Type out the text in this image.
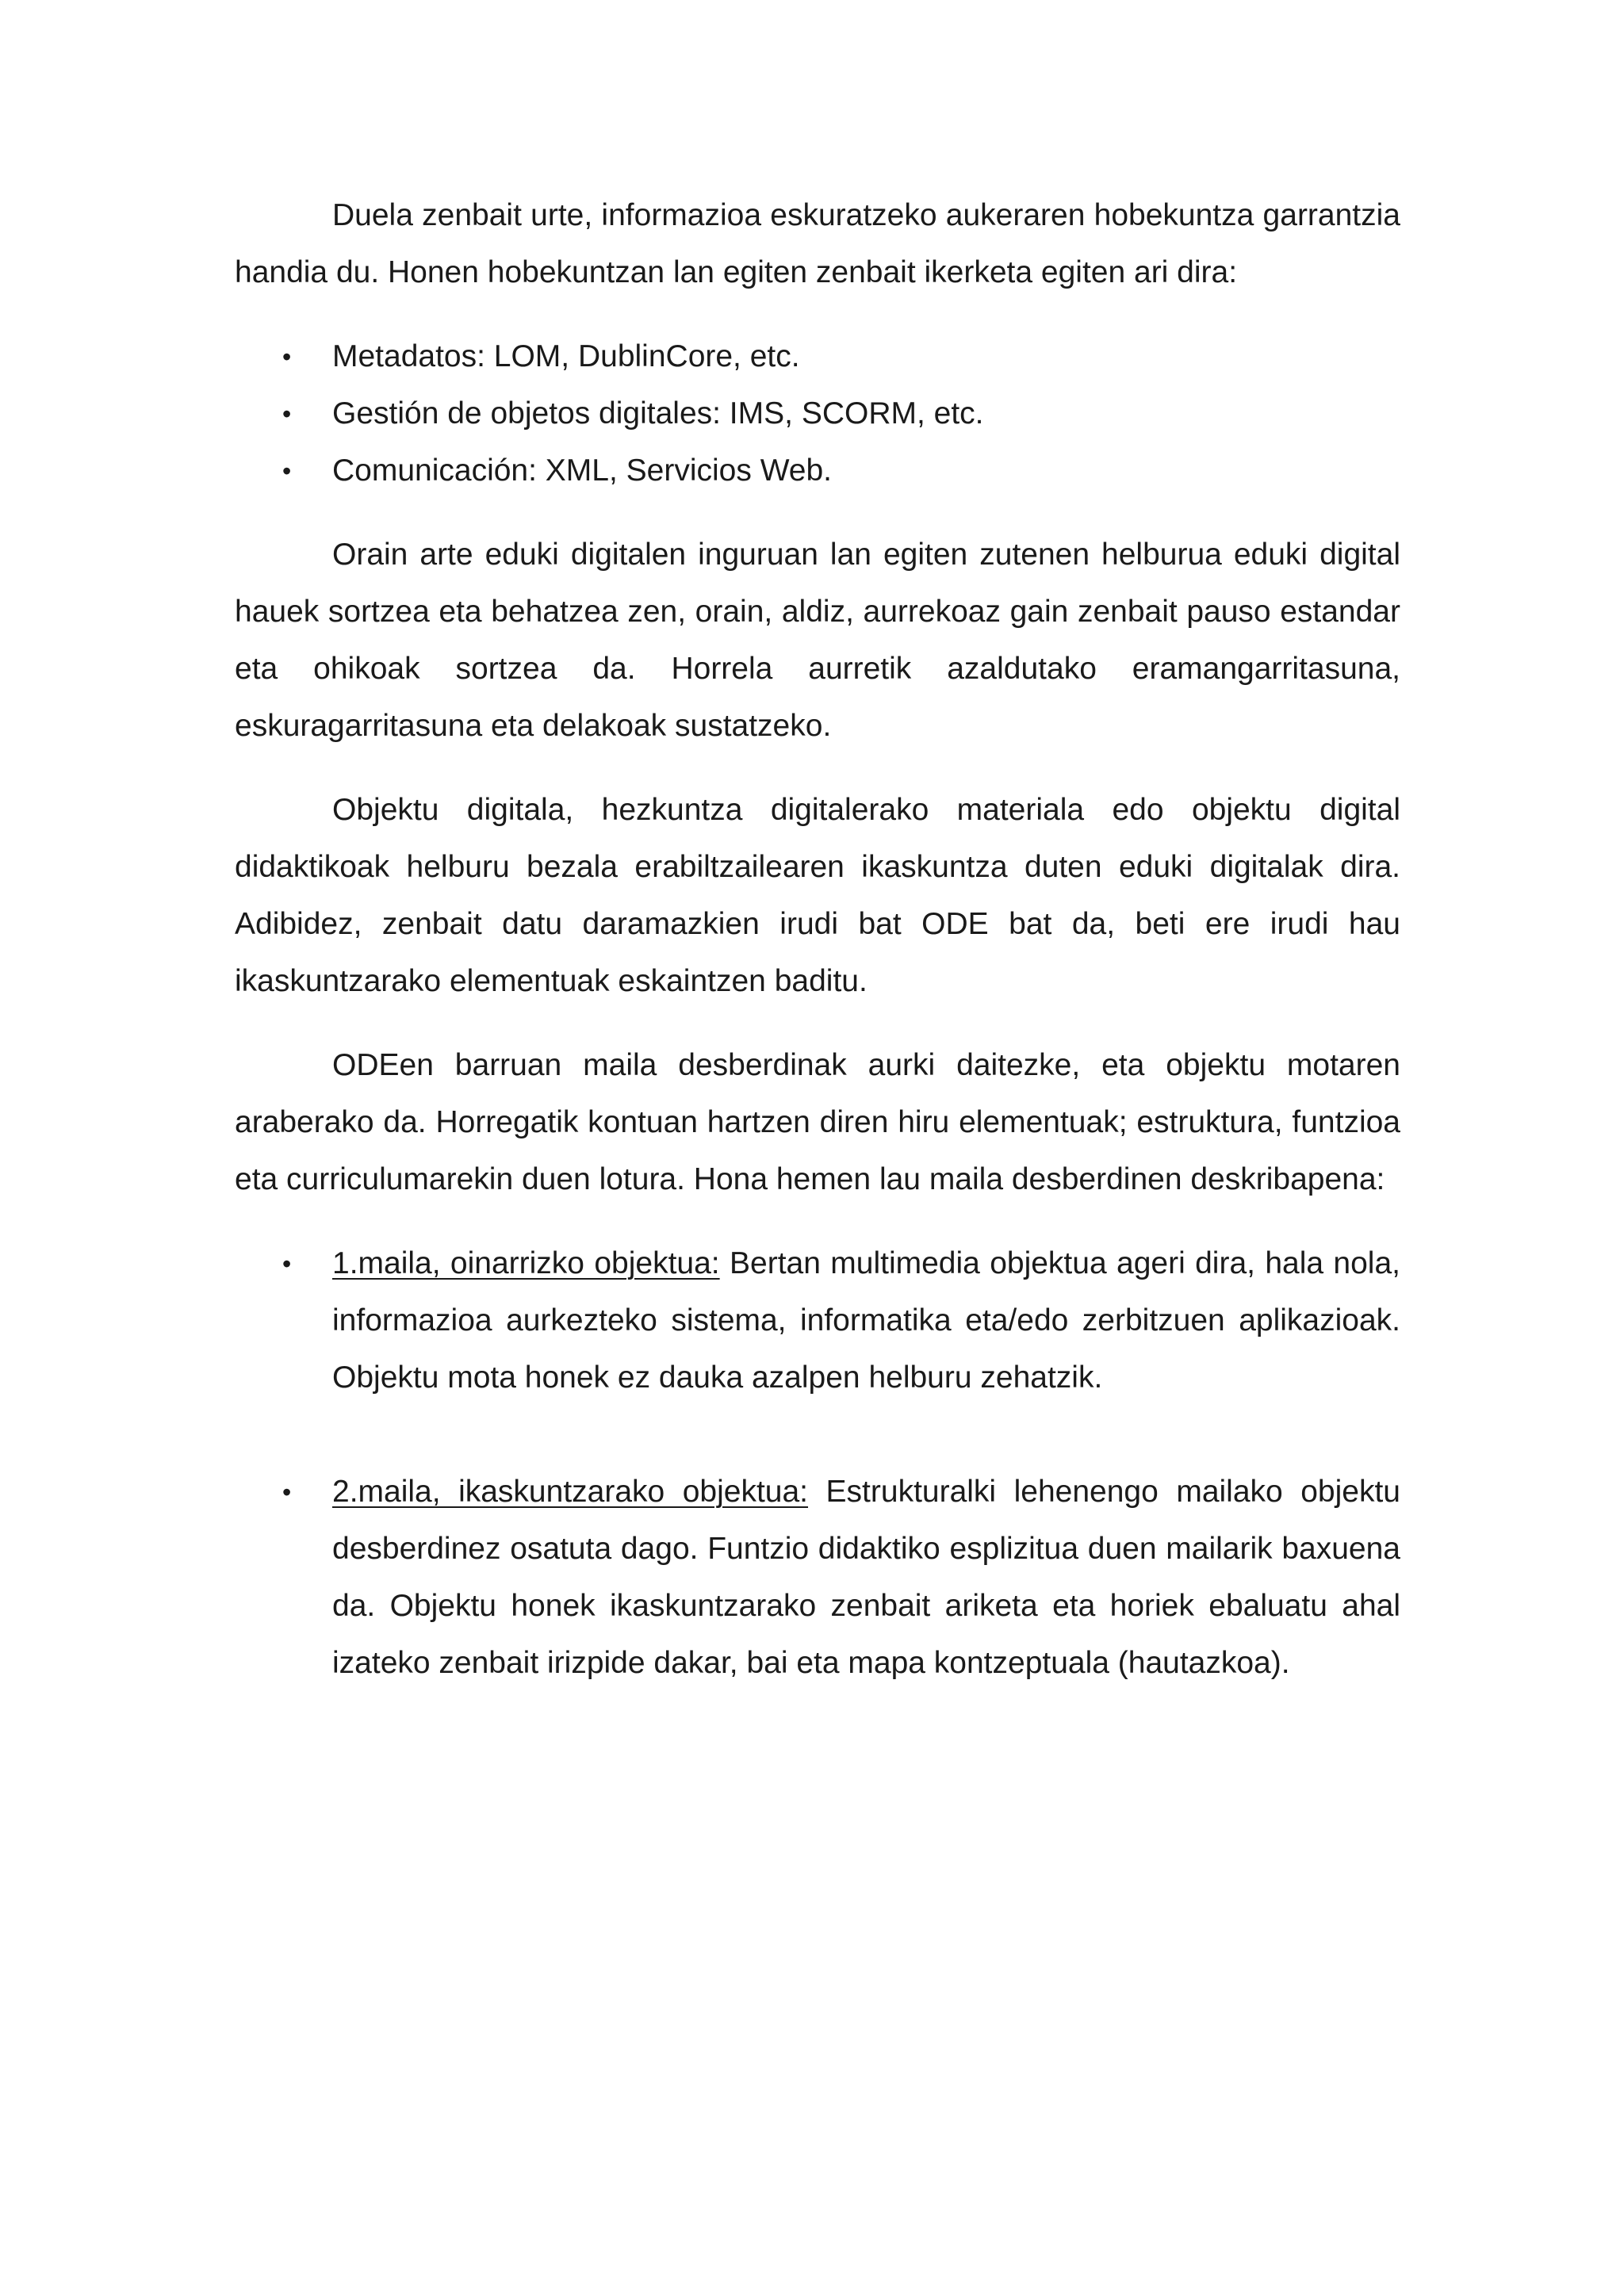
Duela zenbait urte, informazioa eskuratzeko aukeraren hobekuntza garrantzia handia du. Honen hobekuntzan lan egiten zenbait ikerketa egiten ari dira:

• Metadatos: LOM, DublinCore, etc.
• Gestión de objetos digitales: IMS, SCORM, etc.
• Comunicación: XML, Servicios Web.

Orain arte eduki digitalen inguruan lan egiten zutenen helburua eduki digital hauek sortzea eta behatzea zen, orain, aldiz, aurrekoaz gain zenbait pauso estandar eta ohikoak sortzea da. Horrela aurretik azaldutako eramangarritasuna, eskuragarritasuna eta delakoak sustatzeko.

Objektu digitala, hezkuntza digitalerako materiala edo objektu digital didaktikoak helburu bezala erabiltzailearen ikaskuntza duten eduki digitalak dira. Adibidez, zenbait datu daramazkien irudi bat ODE bat da, beti ere irudi hau ikaskuntzarako elementuak eskaintzen baditu.

ODEen barruan maila desberdinak aurki daitezke, eta objektu motaren araberako da. Horregatik kontuan hartzen diren hiru elementuak; estruktura, funtzioa eta curriculumarekin duen lotura. Hona hemen lau maila desberdinen deskribapena:

• 1.maila, oinarrizko objektua: Bertan multimedia objektua ageri dira, hala nola, informazioa aurkezteko sistema, informatika eta/edo zerbitzuen aplikazioak. Objektu mota honek ez dauka azalpen helburu zehatzik.
• 2.maila, ikaskuntzarako objektua: Estrukturalki lehenengo mailako objektu desberdinez osatuta dago. Funtzio didaktiko esplizitua duen mailarik baxuena da. Objektu honek ikaskuntzarako zenbait ariketa eta horiek ebaluatu ahal izateko zenbait irizpide dakar, bai eta mapa kontzeptuala (hautazkoa).
